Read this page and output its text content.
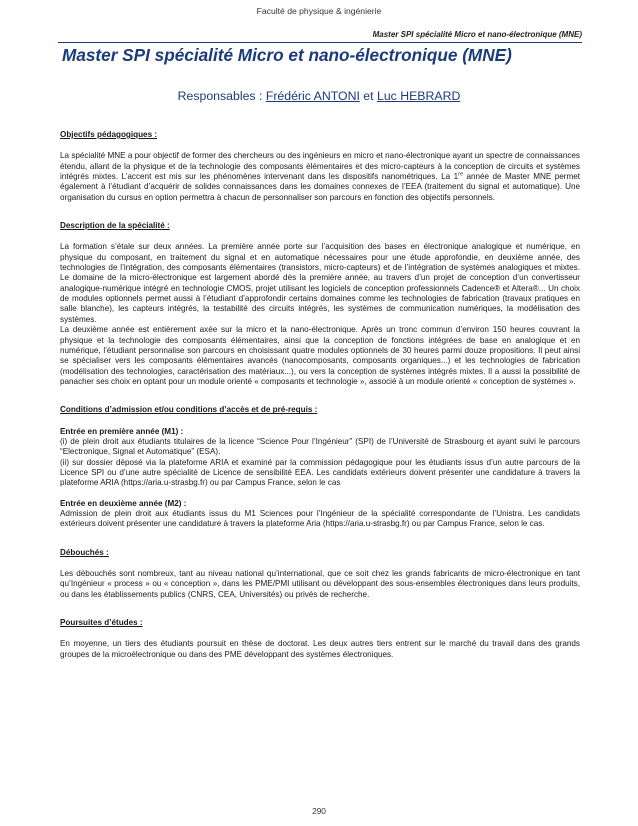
Faculté de physique & ingénierie
Master SPI spécialité Micro et nano-électronique (MNE)
Master SPI spécialité Micro et nano-électronique (MNE)
Responsables : Frédéric ANTONI et Luc HEBRARD

Objectifs pédagogiques :

La spécialité MNE a pour objectif de former des chercheurs ou des ingénieurs en micro et nano-électronique ayant un spectre de connaissances étendu, allant de la physique et de la technologie des composants élémentaires et des micro-capteurs à la conception de circuits et systèmes intégrés mixtes. L’accent est mis sur les phénomènes intervenant dans les dispositifs nanométriques. La 1re année de Master MNE permet également à l’étudiant d’acquérir de solides connaissances dans les domaines connexes de l’EEA (traitement du signal et automatique). Une organisation du cursus en option permettra à chacun de personnaliser son parcours en fonction des objectifs personnels.

Description de la spécialité :

La formation s’étale sur deux années. La première année porte sur l’acquisition des bases en électronique analogique et numérique, en physique du composant, en traitement du signal et en automatique nécessaires pour une étude approfondie, en deuxième année, des technologies de l’intégration, des composants élémentaires (transistors, micro-capteurs) et de l’intégration de systèmes analogiques et mixtes. Le domaine de la micro-électronique est largement abordé dès la première année, au travers d’un projet de conception d’un convertisseur analogique-numérique intégré en technologie CMOS, projet utilisant les logiciels de conception professionnels Cadence® et Altera®... Un choix de modules optionnels permet aussi à l’étudiant d’approfondir certains domaines comme les technologies de fabrication (travaux pratiques en salle blanche), les capteurs intégrés, la testabilité des circuits intégrés, les systèmes de communication numériques, la modélisation des systèmes.

La deuxième année est entièrement axée sur la micro et la nano-électronique. Après un tronc commun d’environ 150 heures couvrant la physique et la technologie des composants élémentaires, ainsi que la conception de fonctions intégrées de base en analogique et en numérique, l’étudiant personnalise son parcours en choisissant quatre modules optionnels de 30 heures parmi douze propositions. Il peut ainsi se spécialiser vers les composants élémentaires avancés (nanocomposants, composants organiques...) et les technologies de fabrication (modélisation des technologies, caractérisation des matériaux...), ou vers la conception de systèmes intégrés mixtes. Il a aussi la possibilité de panacher ses choix en optant pour un module orienté « composants et technologie », associé à un module orienté « conception de systèmes ».

Conditions d’admission et/ou conditions d’accès et de pré-requis :

Entrée en première année (M1) :

(i) de plein droit aux étudiants titulaires de la licence “Science Pour l’Ingénieur” (SPI) de l’Université de Strasbourg et ayant suivi le parcours “Electronique, Signal et Automatique” (ESA).

(ii) sur dossier déposé via la plateforme ARIA et examiné par la commission pédagogique pour les étudiants issus d’un autre parcours de la Licence SPI ou d’une autre spécialité de Licence de sensibilité EEA. Les candidats extérieurs doivent présenter une candidature à travers la plateforme ARIA (https://aria.u-strasbg.fr) ou par Campus France, selon le cas

Entrée en deuxième année (M2) :

Admission de plein droit aux étudiants issus du M1 Sciences pour l’Ingénieur de la spécialité correspondante de l’Unistra. Les candidats extérieurs doivent présenter une candidature à travers la plateforme Aria (https://aria.u-strasbg.fr) ou par Campus France, selon le cas.

Débouchés :

Les débouchés sont nombreux, tant au niveau national qu’international, que ce soit chez les grands fabricants de micro-électronique en tant qu’Ingénieur « process » ou « conception », dans les PME/PMI utilisant ou développant des sous-ensembles électroniques dans leurs produits, ou dans les établissements publics (CNRS, CEA, Universités) ou privés de recherche.

Poursuites d’études :

En moyenne, un tiers des étudiants poursuit en thèse de doctorat. Les deux autres tiers entrent sur le marché du travail dans des grands groupes de la microélectronique ou dans des PME développant des systèmes électroniques.

290
